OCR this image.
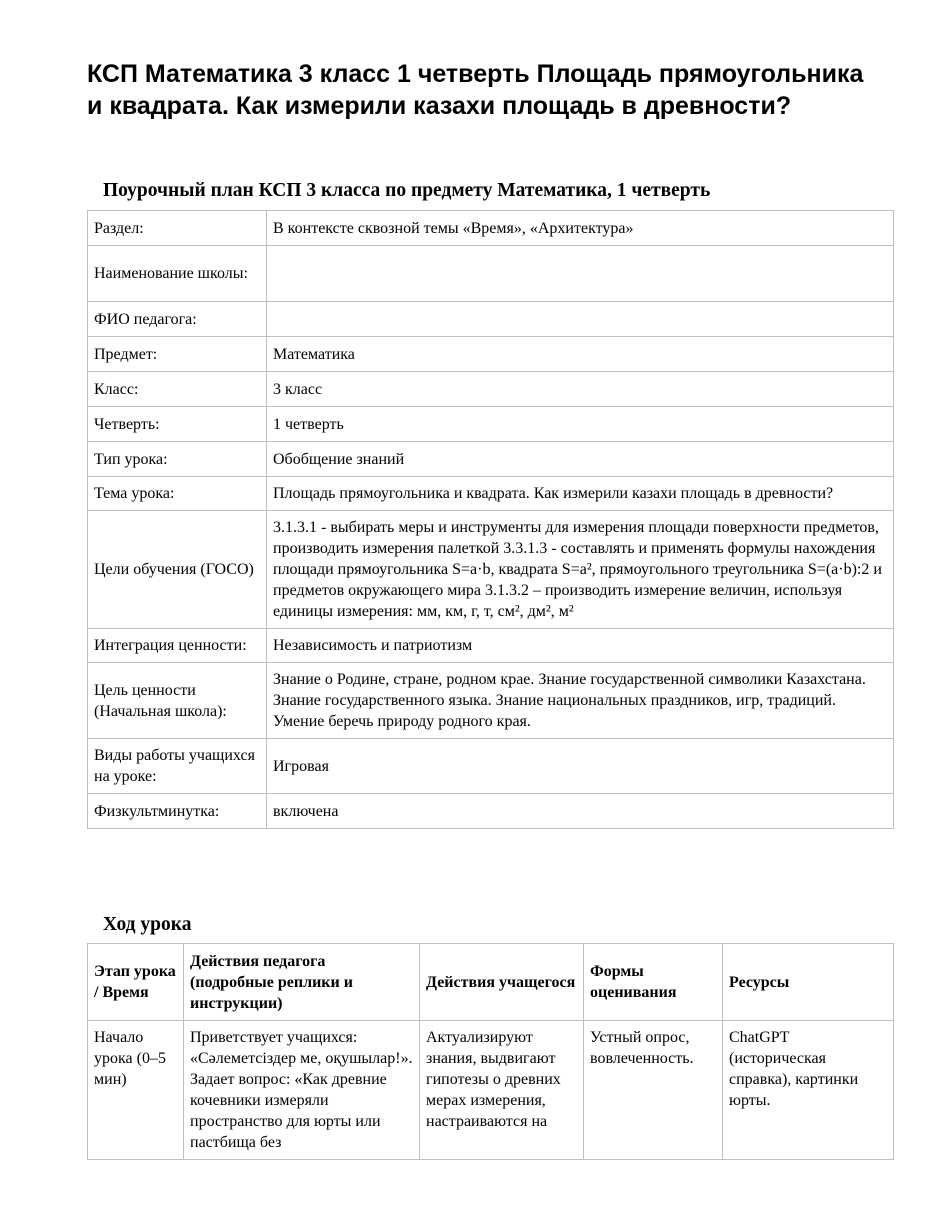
КСП Математика 3 класс 1 четверть Площадь прямоугольника и квадрата. Как измерили казахи площадь в древности?
Поурочный план КСП 3 класса по предмету Математика, 1 четверть
Раздел:	В контексте сквозной темы «Время», «Архитектура»
Наименование школы:	
ФИО педагога:	
Предмет:	Математика
Класс:	3 класс
Четверть:	1 четверть
Тип урока:	Обобщение знаний
Тема урока:	Площадь прямоугольника и квадрата. Как измерили казахи площадь в древности?
Цели обучения (ГОСО)	3.1.3.1 - выбирать меры и инструменты для измерения площади поверхности предметов, производить измерения палеткой 3.3.1.3 - составлять и применять формулы нахождения площади прямоугольника S=a·b, квадрата S=a², прямоугольного треугольника S=(a·b):2 и предметов окружающего мира 3.1.3.2 – производить измерение величин, используя единицы измерения: мм, км, г, т, см², дм², м²
Интеграция ценности:	Независимость и патриотизм
Цель ценности (Начальная школа):	Знание о Родине, стране, родном крае. Знание государственной символики Казахстана. Знание государственного языка. Знание национальных праздников, игр, традиций. Умение беречь природу родного края.
Виды работы учащихся на уроке:	Игровая
Физкультминутка:	включена
Ход урока
Этап урока / Время	Действия педагога (подробные реплики и инструкции)	Действия учащегося	Формы оценивания	Ресурсы
Начало урока (0–5 мин)	Приветствует учащихся: «Сәлеметсіздер ме, оқушылар!». Задает вопрос: «Как древние кочевники измеряли пространство для юрты или пастбища без	Актуализируют знания, выдвигают гипотезы о древних мерах измерения, настраиваются на	Устный опрос, вовлеченность.	ChatGPT (историческая справка), картинки юрты.
